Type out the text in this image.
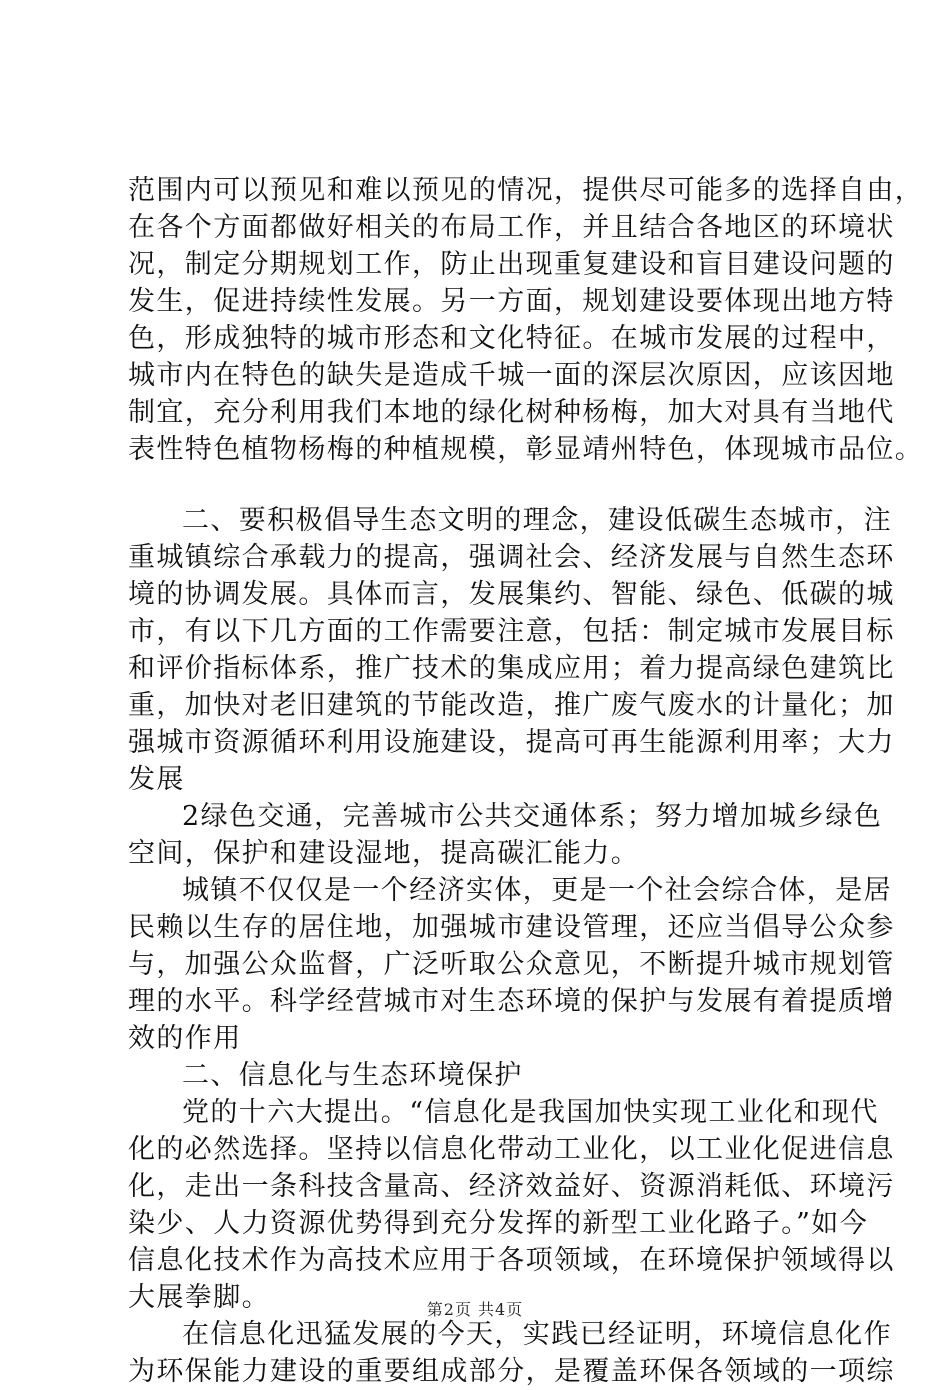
范围内可以预见和难以预见的情况，提供尽可能多的选择自由，
在各个方面都做好相关的布局工作，并且结合各地区的环境状
况，制定分期规划工作，防止出现重复建设和盲目建设问题的
发生，促进持续性发展。另一方面，规划建设要体现出地方特
色，形成独特的城市形态和文化特征。在城市发展的过程中，
城市内在特色的缺失是造成千城一面的深层次原因，应该因地
制宜，充分利用我们本地的绿化树种杨梅，加大对具有当地代
表性特色植物杨梅的种植规模，彰显靖州特色，体现城市品位。
二、要积极倡导生态文明的理念，建设低碳生态城市，注
重城镇综合承载力的提高，强调社会、经济发展与自然生态环
境的协调发展。具体而言，发展集约、智能、绿色、低碳的城
市，有以下几方面的工作需要注意，包括：制定城市发展目标
和评价指标体系，推广技术的集成应用；着力提高绿色建筑比
重，加快对老旧建筑的节能改造，推广废气废水的计量化；加
强城市资源循环利用设施建设，提高可再生能源利用率；大力
发展
2绿色交通，完善城市公共交通体系；努力增加城乡绿色
空间，保护和建设湿地，提高碳汇能力。
城镇不仅仅是一个经济实体，更是一个社会综合体，是居
民赖以生存的居住地，加强城市建设管理，还应当倡导公众参
与，加强公众监督，广泛听取公众意见，不断提升城市规划管
理的水平。科学经营城市对生态环境的保护与发展有着提质增
效的作用
二、信息化与生态环境保护
党的十六大提出。“信息化是我国加快实现工业化和现代
化的必然选择。坚持以信息化带动工业化，以工业化促进信息
化，走出一条科技含量高、经济效益好、资源消耗低、环境污
染少、人力资源优势得到充分发挥的新型工业化路子。”如今
信息化技术作为高技术应用于各项领域，在环境保护领域得以
大展拳脚。
在信息化迅猛发展的今天，实践已经证明，环境信息化作
为环保能力建设的重要组成部分，是覆盖环保各领域的一项综
第2页 共4页
